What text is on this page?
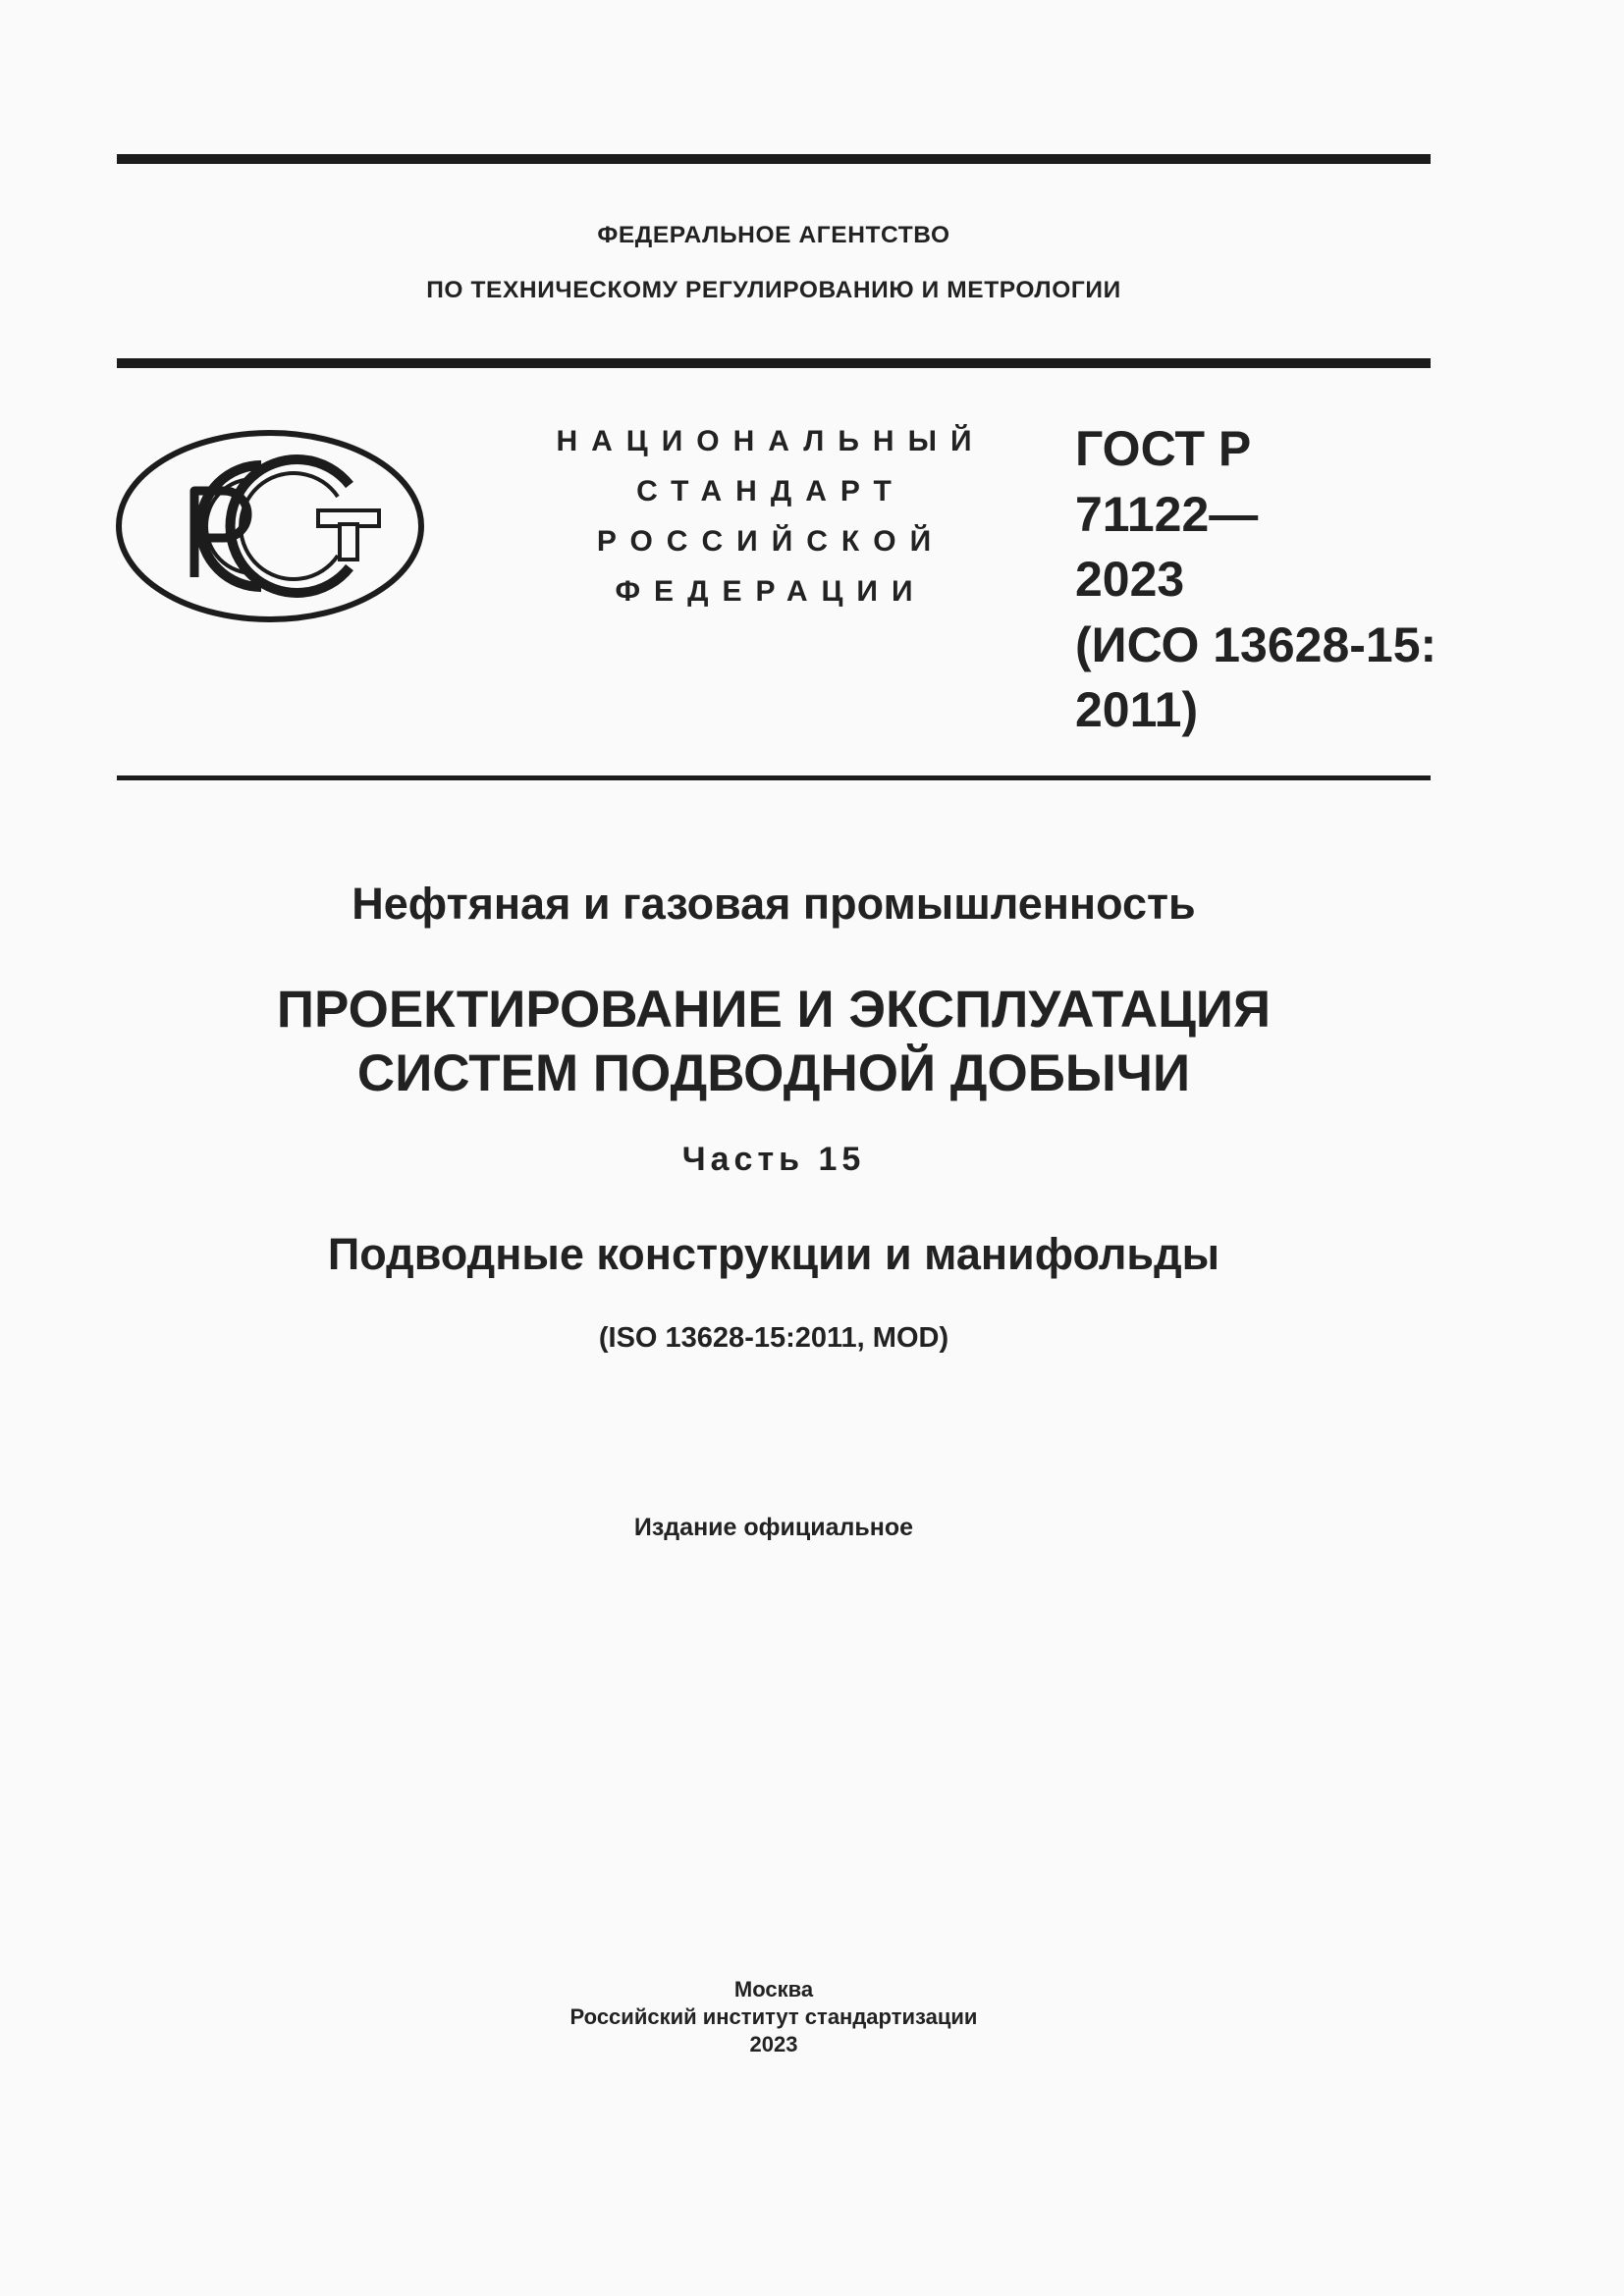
ФЕДЕРАЛЬНОЕ АГЕНТСТВО
ПО ТЕХНИЧЕСКОМУ РЕГУЛИРОВАНИЮ И МЕТРОЛОГИИ
НАЦИОНАЛЬНЫЙ
СТАНДАРТ
РОССИЙСКОЙ
ФЕДЕРАЦИИ
ГОСТ Р
71122—
2023
(ИСО 13628-15:
2011)
Нефтяная и газовая промышленность
ПРОЕКТИРОВАНИЕ И ЭКСПЛУАТАЦИЯ
СИСТЕМ ПОДВОДНОЙ ДОБЫЧИ
Часть 15
Подводные конструкции и манифольды
(ISO 13628-15:2011, MOD)
Издание официальное
Москва
Российский институт стандартизации
2023
